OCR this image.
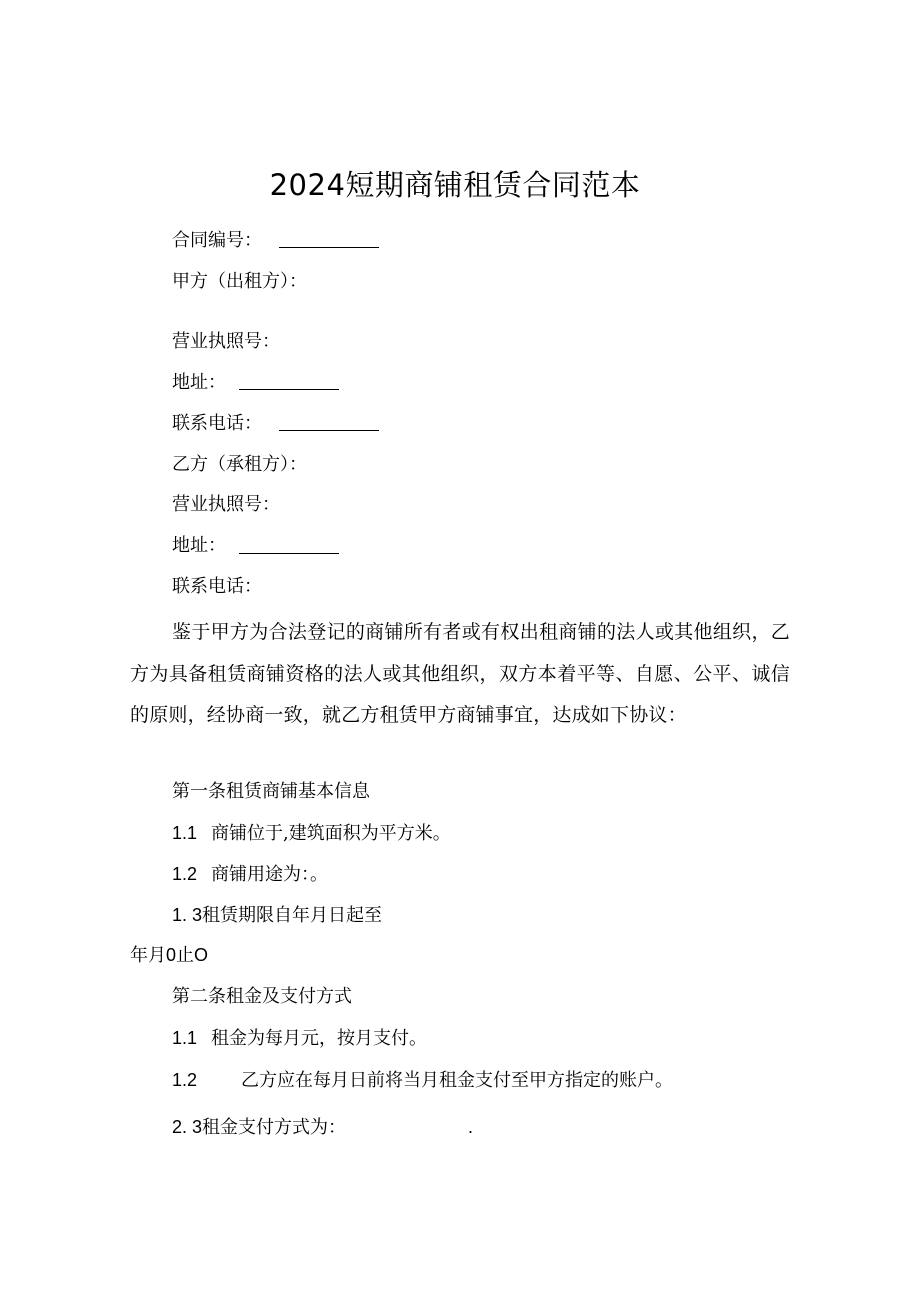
2024短期商铺租赁合同范本
合同编号：
甲方（出租方）：
营业执照号：
地址：
联系电话：
乙方（承租方）：
营业执照号：
地址：
联系电话：
鉴于甲方为合法登记的商铺所有者或有权出租商铺的法人或其他组织，乙方为具备租赁商铺资格的法人或其他组织，双方本着平等、自愿、公平、诚信的原则，经协商一致，就乙方租赁甲方商铺事宜，达成如下协议：
第一条租赁商铺基本信息
1.1 商铺位于,建筑面积为平方米。
1.2 商铺用途为：。
1. 3租赁期限自年月日起至
年月0止O
第二条租金及支付方式
1.1 租金为每月元，按月支付。
1.2 乙方应在每月日前将当月租金支付至甲方指定的账户。
2. 3租金支付方式为：	.
